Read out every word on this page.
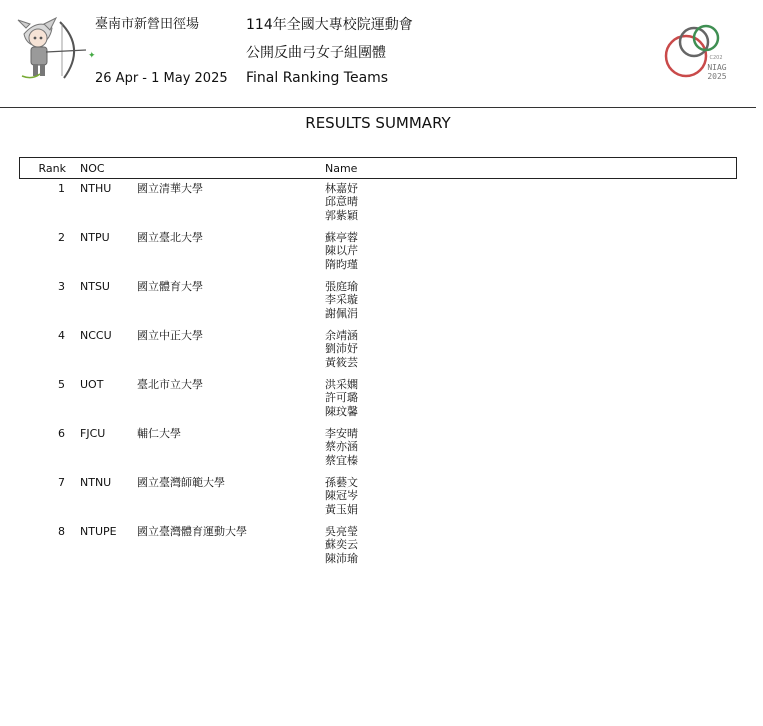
✦
臺南市新營田徑場
26 Apr - 1 May 2025
114年全國大專校院運動會
公開反曲弓女子組團體
Final Ranking Teams
C202
NIAG
2025
RESULTS SUMMARY
Rank NOC	Name
1 NTHU 國立清華大學	林嘉妤
邱意晴
郭紫穎
2 NTPU 國立臺北大學	蘇亭蓉
陳以芹
隋昀瑾
3 NTSU 國立體育大學	張庭瑜
李采璇
謝佩涓
4 NCCU 國立中正大學	余靖涵
劉沛妤
黃筱芸
5 UOT	臺北市立大學	洪采嫻
許可璐
陳玟馨
6 FJCU	輔仁大學	李安晴
蔡亦涵
蔡宜榛
7 NTNU 國立臺灣師範大學	孫藝文
陳冠岑
黃玉娟
8 NTUPE 國立臺灣體育運動大學	吳亮瑩
蘇奕云
陳沛瑜
